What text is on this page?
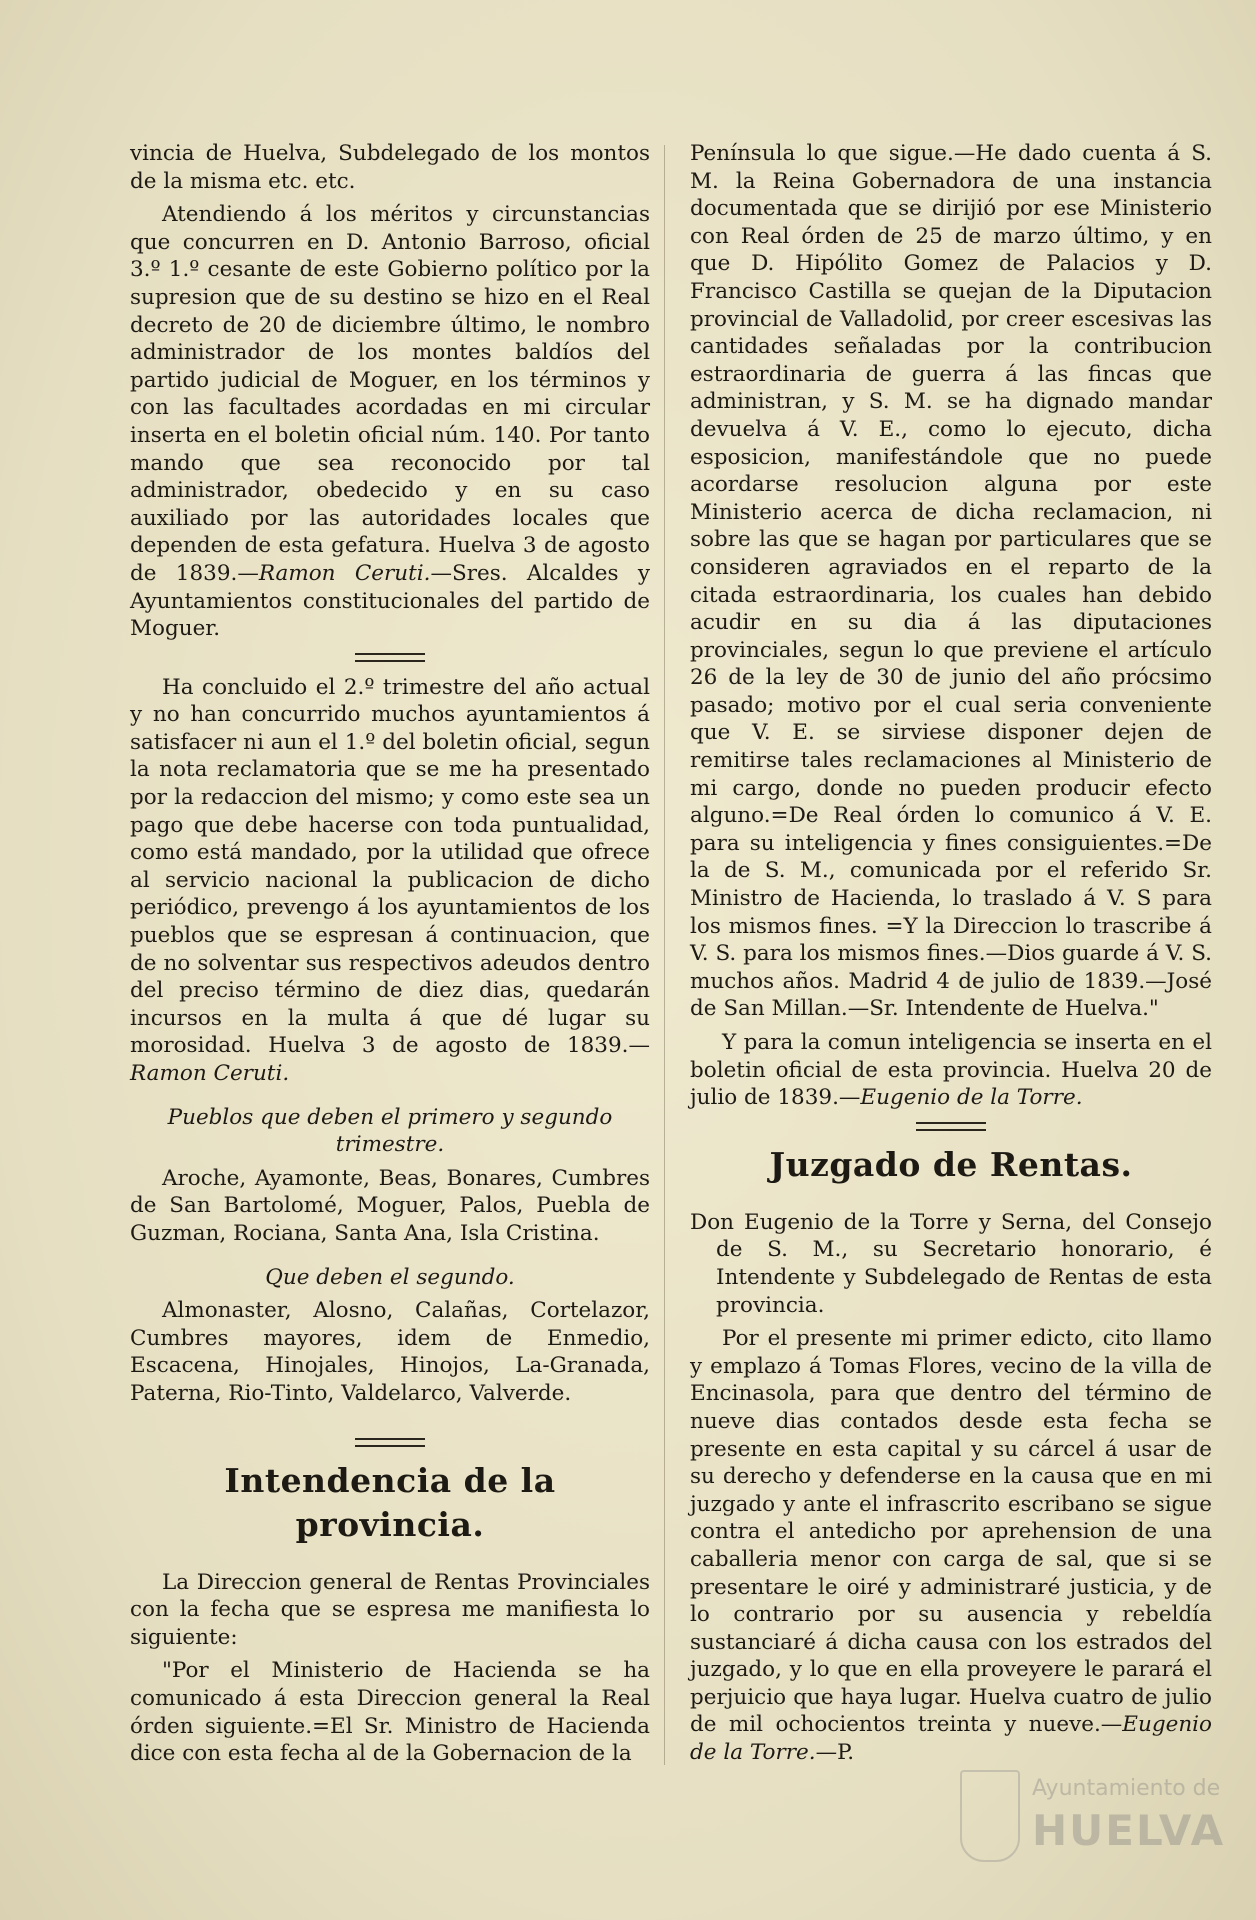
vincia de Huelva, Subdelegado de los montos de la misma etc. etc.

Atendiendo á los méritos y circunstancias que concurren en D. Antonio Barroso, oficial 3.º 1.º cesante de este Gobierno político por la supresion que de su destino se hizo en el Real decreto de 20 de diciembre último, le nombro administrador de los montes baldíos del partido judicial de Moguer, en los términos y con las facultades acordadas en mi circular inserta en el boletin oficial núm. 140. Por tanto mando que sea reconocido por tal administrador, obedecido y en su caso auxiliado por las autoridades locales que dependen de esta gefatura. Huelva 3 de agosto de 1839.—Ramon Ceruti.—Sres. Alcaldes y Ayuntamientos constitucionales del partido de Moguer.

Ha concluido el 2.º trimestre del año actual y no han concurrido muchos ayuntamientos á satisfacer ni aun el 1.º del boletin oficial, segun la nota reclamatoria que se me ha presentado por la redaccion del mismo; y como este sea un pago que debe hacerse con toda puntualidad, como está mandado, por la utilidad que ofrece al servicio nacional la publicacion de dicho periódico, prevengo á los ayuntamientos de los pueblos que se espresan á continuacion, que de no solventar sus respectivos adeudos dentro del preciso término de diez dias, quedarán incursos en la multa á que dé lugar su morosidad. Huelva 3 de agosto de 1839.—Ramon Ceruti.

Pueblos que deben el primero y segundo trimestre.

Aroche, Ayamonte, Beas, Bonares, Cumbres de San Bartolomé, Moguer, Palos, Puebla de Guzman, Rociana, Santa Ana, Isla Cristina.

Que deben el segundo.

Almonaster, Alosno, Calañas, Cortelazor, Cumbres mayores, idem de Enmedio, Escacena, Hinojales, Hinojos, La-Granada, Paterna, Rio-Tinto, Valdelarco, Valverde.

Intendencia de la provincia.

La Direccion general de Rentas Provinciales con la fecha que se espresa me manifiesta lo siguiente:

"Por el Ministerio de Hacienda se ha comunicado á esta Direccion general la Real órden siguiente.=El Sr. Ministro de Hacienda dice con esta fecha al de la Gobernacion de la

Península lo que sigue.—He dado cuenta á S. M. la Reina Gobernadora de una instancia documentada que se dirijió por ese Ministerio con Real órden de 25 de marzo último, y en que D. Hipólito Gomez de Palacios y D. Francisco Castilla se quejan de la Diputacion provincial de Valladolid, por creer escesivas las cantidades señaladas por la contribucion estraordinaria de guerra á las fincas que administran, y S. M. se ha dignado mandar devuelva á V. E., como lo ejecuto, dicha esposicion, manifestándole que no puede acordarse resolucion alguna por este Ministerio acerca de dicha reclamacion, ni sobre las que se hagan por particulares que se consideren agraviados en el reparto de la citada estraordinaria, los cuales han debido acudir en su dia á las diputaciones provinciales, segun lo que previene el artículo 26 de la ley de 30 de junio del año prócsimo pasado; motivo por el cual seria conveniente que V. E. se sirviese disponer dejen de remitirse tales reclamaciones al Ministerio de mi cargo, donde no pueden producir efecto alguno.=De Real órden lo comunico á V. E. para su inteligencia y fines consiguientes.=De la de S. M., comunicada por el referido Sr. Ministro de Hacienda, lo traslado á V. S para los mismos fines. =Y la Direccion lo trascribe á V. S. para los mismos fines.—Dios guarde á V. S. muchos años. Madrid 4 de julio de 1839.—José de San Millan.—Sr. Intendente de Huelva."

Y para la comun inteligencia se inserta en el boletin oficial de esta provincia. Huelva 20 de julio de 1839.—Eugenio de la Torre.

Juzgado de Rentas.

Don Eugenio de la Torre y Serna, del Consejo de S. M., su Secretario honorario, é Intendente y Subdelegado de Rentas de esta provincia.

Por el presente mi primer edicto, cito llamo y emplazo á Tomas Flores, vecino de la villa de Encinasola, para que dentro del término de nueve dias contados desde esta fecha se presente en esta capital y su cárcel á usar de su derecho y defenderse en la causa que en mi juzgado y ante el infrascrito escribano se sigue contra el antedicho por aprehension de una caballeria menor con carga de sal, que si se presentare le oiré y administraré justicia, y de lo contrario por su ausencia y rebeldía sustanciaré á dicha causa con los estrados del juzgado, y lo que en ella proveyere le parará el perjuicio que haya lugar. Huelva cuatro de julio de mil ochocientos treinta y nueve.—Eugenio de la Torre.—P.

Ayuntamiento de
HUELVA
